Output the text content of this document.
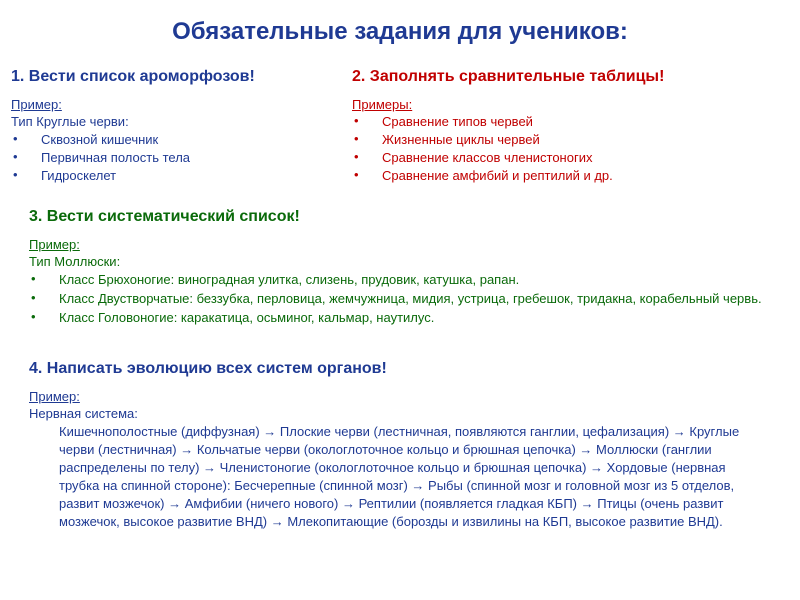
Обязательные задания для учеников:

1. Вести список ароморфозов!

Пример:

Тип Круглые черви:

• Сквозной кишечник
• Первичная полость тела
• Гидроскелет

2. Заполнять сравнительные таблицы!

Примеры:

• Сравнение типов червей
• Жизненные циклы червей
• Сравнение классов членистоногих
• Сравнение амфибий и рептилий и др.

3. Вести систематический список!

Пример:

Тип Моллюски:

• Класс Брюхоногие: виноградная улитка, слизень, прудовик, катушка, рапан.
• Класс Двустворчатые: беззубка, перловица, жемчужница, мидия, устрица, гребешок, тридакна, корабельный червь.
• Класс Головоногие: каракатица, осьминог, кальмар, наутилус.

4. Написать эволюцию всех систем органов!

Пример:

Нервная система:

Кишечнополостные (диффузная) → Плоские черви (лестничная, появляются ганглии, цефализация) → Круглые черви (лестничная) → Кольчатые черви (окологлоточное кольцо и брюшная цепочка) → Моллюски (ганглии распределены по телу) → Членистоногие (окологлоточное кольцо и брюшная цепочка) → Хордовые (нервная трубка на спинной стороне): Бесчерепные (спинной мозг) → Рыбы (спинной мозг и головной мозг из 5 отделов, развит мозжечок) → Амфибии (ничего нового) → Рептилии (появляется гладкая КБП) → Птицы (очень развит мозжечок, высокое развитие ВНД) → Млекопитающие (борозды и извилины на КБП, высокое развитие ВНД).
